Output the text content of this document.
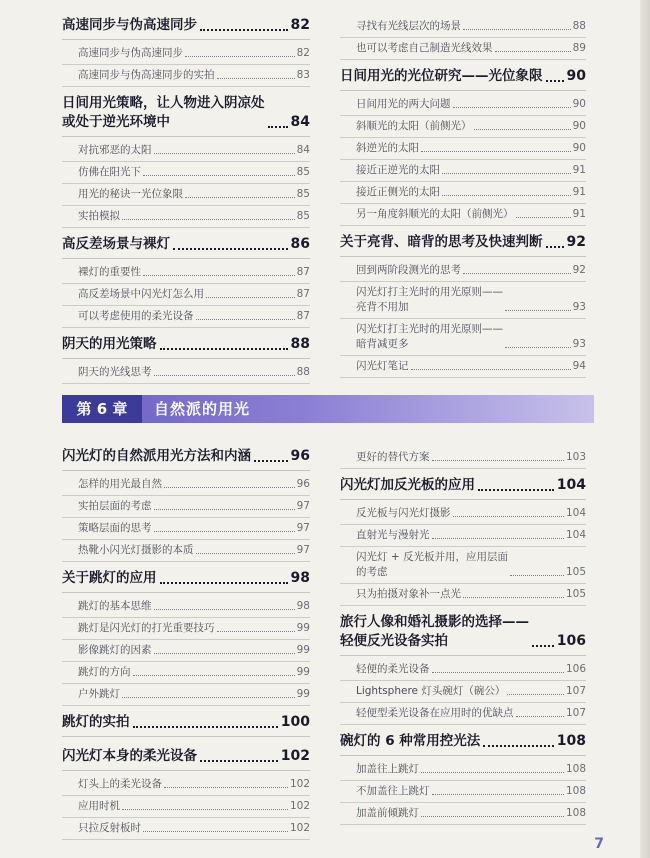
高速同步与伪高速同步	82
高速同步与伪高速同步	82
高速同步与伪高速同步的实拍	83
日间用光策略，让人物进入阴凉处
或处于逆光环境中	84
对抗邪恶的太阳	84
仿佛在阳光下	85
用光的秘诀一光位象限	85
实拍模拟	85
高反差场景与裸灯	86
裸灯的重要性	87
高反差场景中闪光灯怎么用	87
可以考虑使用的柔光设备	87
阴天的用光策略	88
阴天的光线思考	88
寻找有光线层次的场景	88
也可以考虑自己制造光线效果	89
日间用光的光位研究——光位象限 90
日间用光的两大问题	90
斜顺光的太阳（前侧光）	90
斜逆光的太阳	90
接近正逆光的太阳	91
接近正侧光的太阳	91
另一角度斜顺光的太阳（前侧光）	91
关于亮背、暗背的思考及快速判断 92
回到两阶段测光的思考	92
闪光灯打主光时的用光原则——
亮背不用加	93
闪光灯打主光时的用光原则——
暗背减更多	93
闪光灯笔记	94
第 6 章	自然派的用光
闪光灯的自然派用光方法和内涵	96
怎样的用光最自然	96
实拍层面的考虑	97
策略层面的思考	97
热靴小闪光灯摄影的本质	97
关于跳灯的应用	98
跳灯的基本思维	98
跳灯是闪光灯的打光重要技巧	99
影像跳灯的因素	99
跳灯的方向	99
户外跳灯	99
跳灯的实拍	100
闪光灯本身的柔光设备	102
灯头上的柔光设备	102
应用时机	102
只拉反射板时	102
更好的替代方案	103
闪光灯加反光板的应用	104
反光板与闪光灯摄影	104
直射光与漫射光	104
闪光灯 + 反光板并用，应用层面
的考虑	105
只为拍摄对象补一点光	105
旅行人像和婚礼摄影的选择——
轻便反光设备实拍	106
轻便的柔光设备	106
Lightsphere 灯头碗灯（碗公）	107
轻便型柔光设备在应用时的优缺点	107
碗灯的 6 种常用控光法	108
加盖往上跳灯	108
不加盖往上跳灯	108
加盖前倾跳灯	108
7
